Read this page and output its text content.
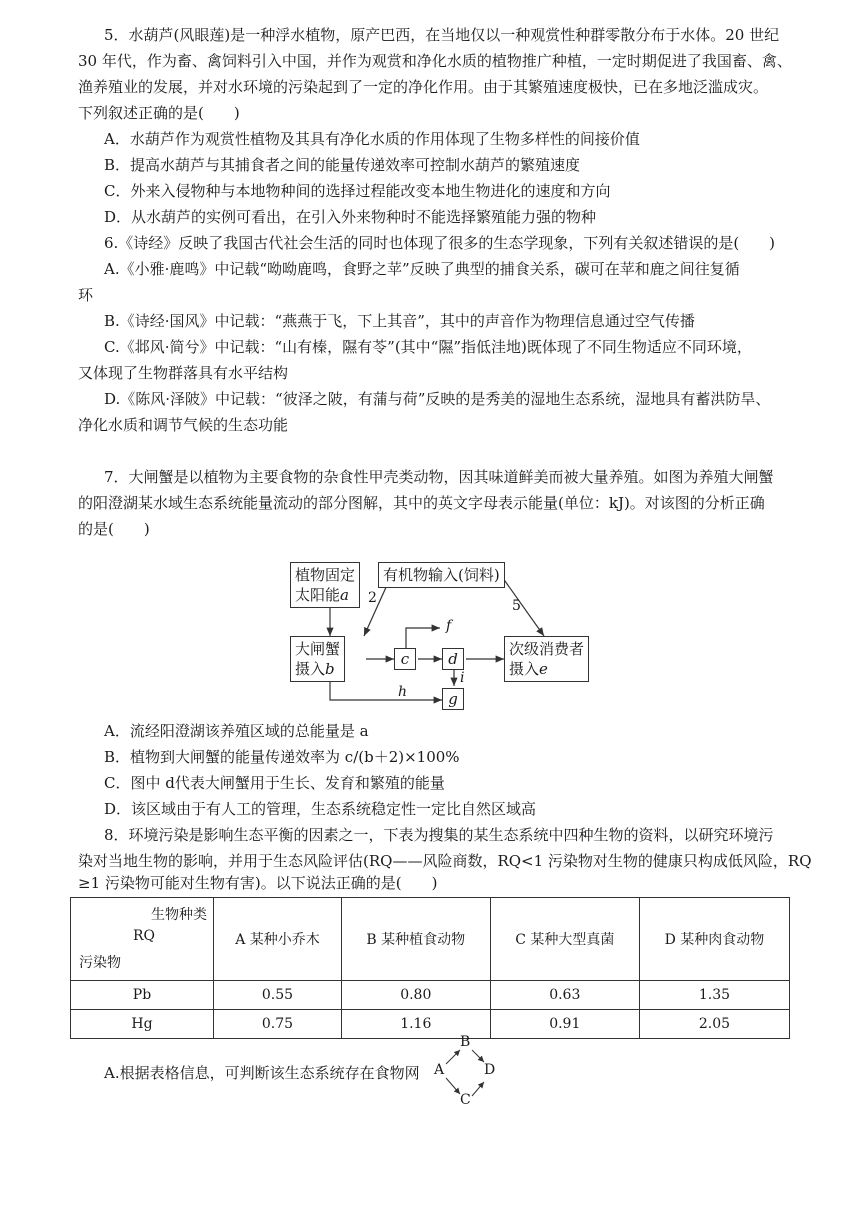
5．水葫芦(风眼莲)是一种浮水植物，原产巴西，在当地仅以一种观赏性种群零散分布于水体。20 世纪
30 年代，作为畜、禽饲料引入中国，并作为观赏和净化水质的植物推广种植，一定时期促进了我国畜、禽、
渔养殖业的发展，并对水环境的污染起到了一定的净化作用。由于其繁殖速度极快，已在多地泛滥成灾。
下列叙述正确的是(　　)
A．水葫芦作为观赏性植物及其具有净化水质的作用体现了生物多样性的间接价值
B．提高水葫芦与其捕食者之间的能量传递效率可控制水葫芦的繁殖速度
C．外来入侵物种与本地物种间的选择过程能改变本地生物进化的速度和方向
D．从水葫芦的实例可看出，在引入外来物种时不能选择繁殖能力强的物种
6.《诗经》反映了我国古代社会生活的同时也体现了很多的生态学现象，下列有关叙述错误的是(　　)
A.《小雅·鹿鸣》中记载“呦呦鹿鸣，食野之苹”反映了典型的捕食关系，碳可在苹和鹿之间往复循
环
B.《诗经·国风》中记载：“燕燕于飞，下上其音”，其中的声音作为物理信息通过空气传播
C.《邶风·简兮》中记载：“山有榛，隰有苓”(其中“隰”指低洼地)既体现了不同生物适应不同环境，
又体现了生物群落具有水平结构
D.《陈风·泽陂》中记载：“彼泽之陂，有蒲与荷”反映的是秀美的湿地生态系统，湿地具有蓄洪防旱、
净化水质和调节气候的生态功能
7．大闸蟹是以植物为主要食物的杂食性甲壳类动物，因其味道鲜美而被大量养殖。如图为养殖大闸蟹
的阳澄湖某水域生态系统能量流动的部分图解，其中的英文字母表示能量(单位：kJ)。对该图的分析正确
的是(　　)
植物固定
太阳能a
有机物输入(饲料)
大闸蟹
摄入b
次级消费者
摄入e
c	d
g
f
h
i
2	5
A．流经阳澄湖该养殖区域的总能量是 a
B．植物到大闸蟹的能量传递效率为 c/(b＋2)×100%
C．图中 d代表大闸蟹用于生长、发育和繁殖的能量
D．该区域由于有人工的管理，生态系统稳定性一定比自然区域高
8．环境污染是影响生态平衡的因素之一，下表为搜集的某生态系统中四种生物的资料，以研究环境污
染对当地生物的影响，并用于生态风险评估(RQ——风险商数，RQ<1 污染物对生物的健康只构成低风险，RQ
≥1 污染物可能对生物有害)。以下说法正确的是(　　)
生物种类
RQ
污染物	A 某种小乔木	B 某种植食动物	C 某种大型真菌	D 某种肉食动物
Pb	0.55	0.80	0.63	1.35
Hg	0.75	1.16	0.91	2.05
A.根据表格信息，可判断该生态系统存在食物网
B
A	D
C
